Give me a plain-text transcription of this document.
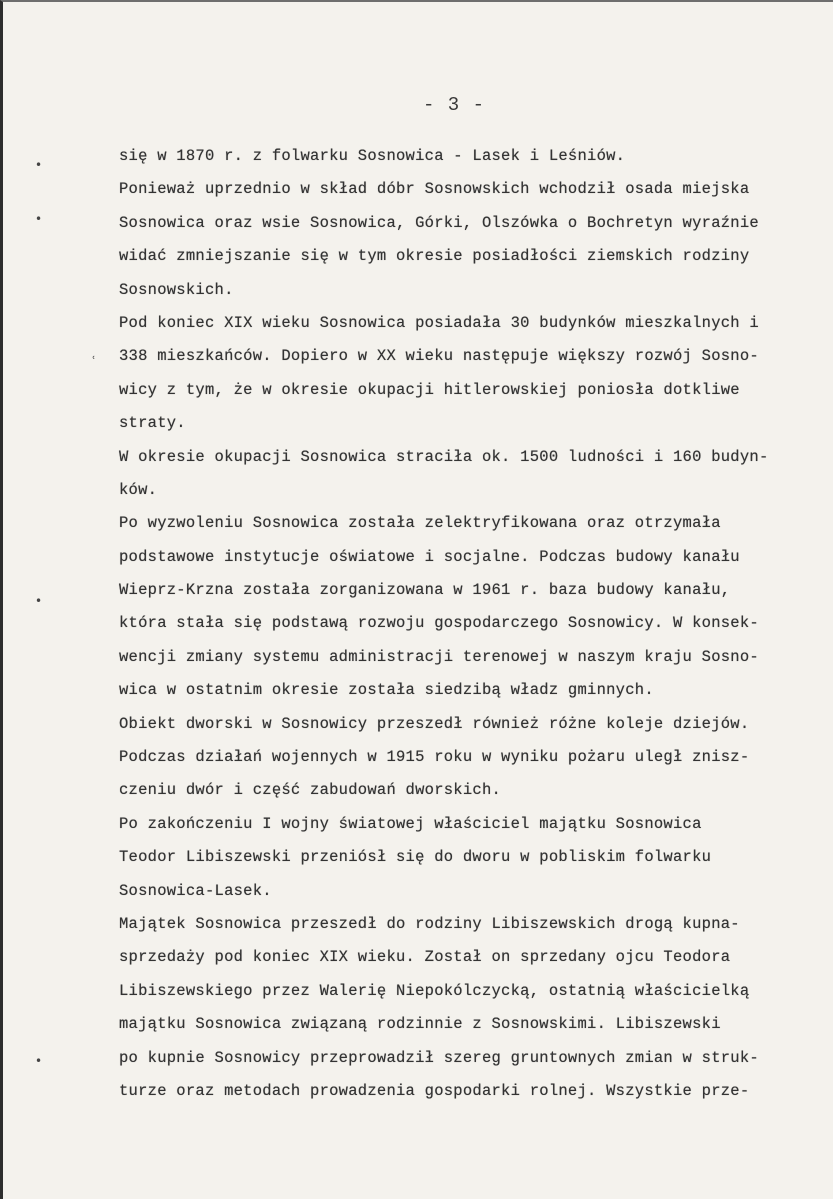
- 3 -
•
•
ʿ
•
•
się w 1870 r. z folwarku Sosnowica - Lasek i Leśniów.
Ponieważ uprzednio w skład dóbr Sosnowskich wchodził osada miejska
Sosnowica oraz wsie Sosnowica, Górki, Olszówka o Bochretyn wyraźnie
widać zmniejszanie się w tym okresie posiadłości ziemskich rodziny
Sosnowskich.
Pod koniec XIX wieku Sosnowica posiadała 30 budynków mieszkalnych i
338 mieszkańców. Dopiero w XX wieku następuje większy rozwój Sosno-
wicy z tym, że w okresie okupacji hitlerowskiej poniosła dotkliwe
straty.
W okresie okupacji Sosnowica straciła ok. 1500 ludności i 160 budyn-
ków.
Po wyzwoleniu Sosnowica została zelektryfikowana oraz otrzymała
podstawowe instytucje oświatowe i socjalne. Podczas budowy kanału
Wieprz-Krzna została zorganizowana w 1961 r. baza budowy kanału,
która stała się podstawą rozwoju gospodarczego Sosnowicy. W konsek-
wencji zmiany systemu administracji terenowej w naszym kraju Sosno-
wica w ostatnim okresie została siedzibą władz gminnych.
Obiekt dworski w Sosnowicy przeszedł również różne koleje dziejów.
Podczas działań wojennych w 1915 roku w wyniku pożaru uległ znisz-
czeniu dwór i część zabudowań dworskich.
Po zakończeniu I wojny światowej właściciel majątku Sosnowica
Teodor Libiszewski przeniósł się do dworu w pobliskim folwarku
Sosnowica-Lasek.
Majątek Sosnowica przeszedł do rodziny Libiszewskich drogą kupna-
sprzedaży pod koniec XIX wieku. Został on sprzedany ojcu Teodora
Libiszewskiego przez Walerię Niepokólczycką, ostatnią właścicielką
majątku Sosnowica związaną rodzinnie z Sosnowskimi. Libiszewski
po kupnie Sosnowicy przeprowadził szereg gruntownych zmian w struk-
turze oraz metodach prowadzenia gospodarki rolnej. Wszystkie prze-
